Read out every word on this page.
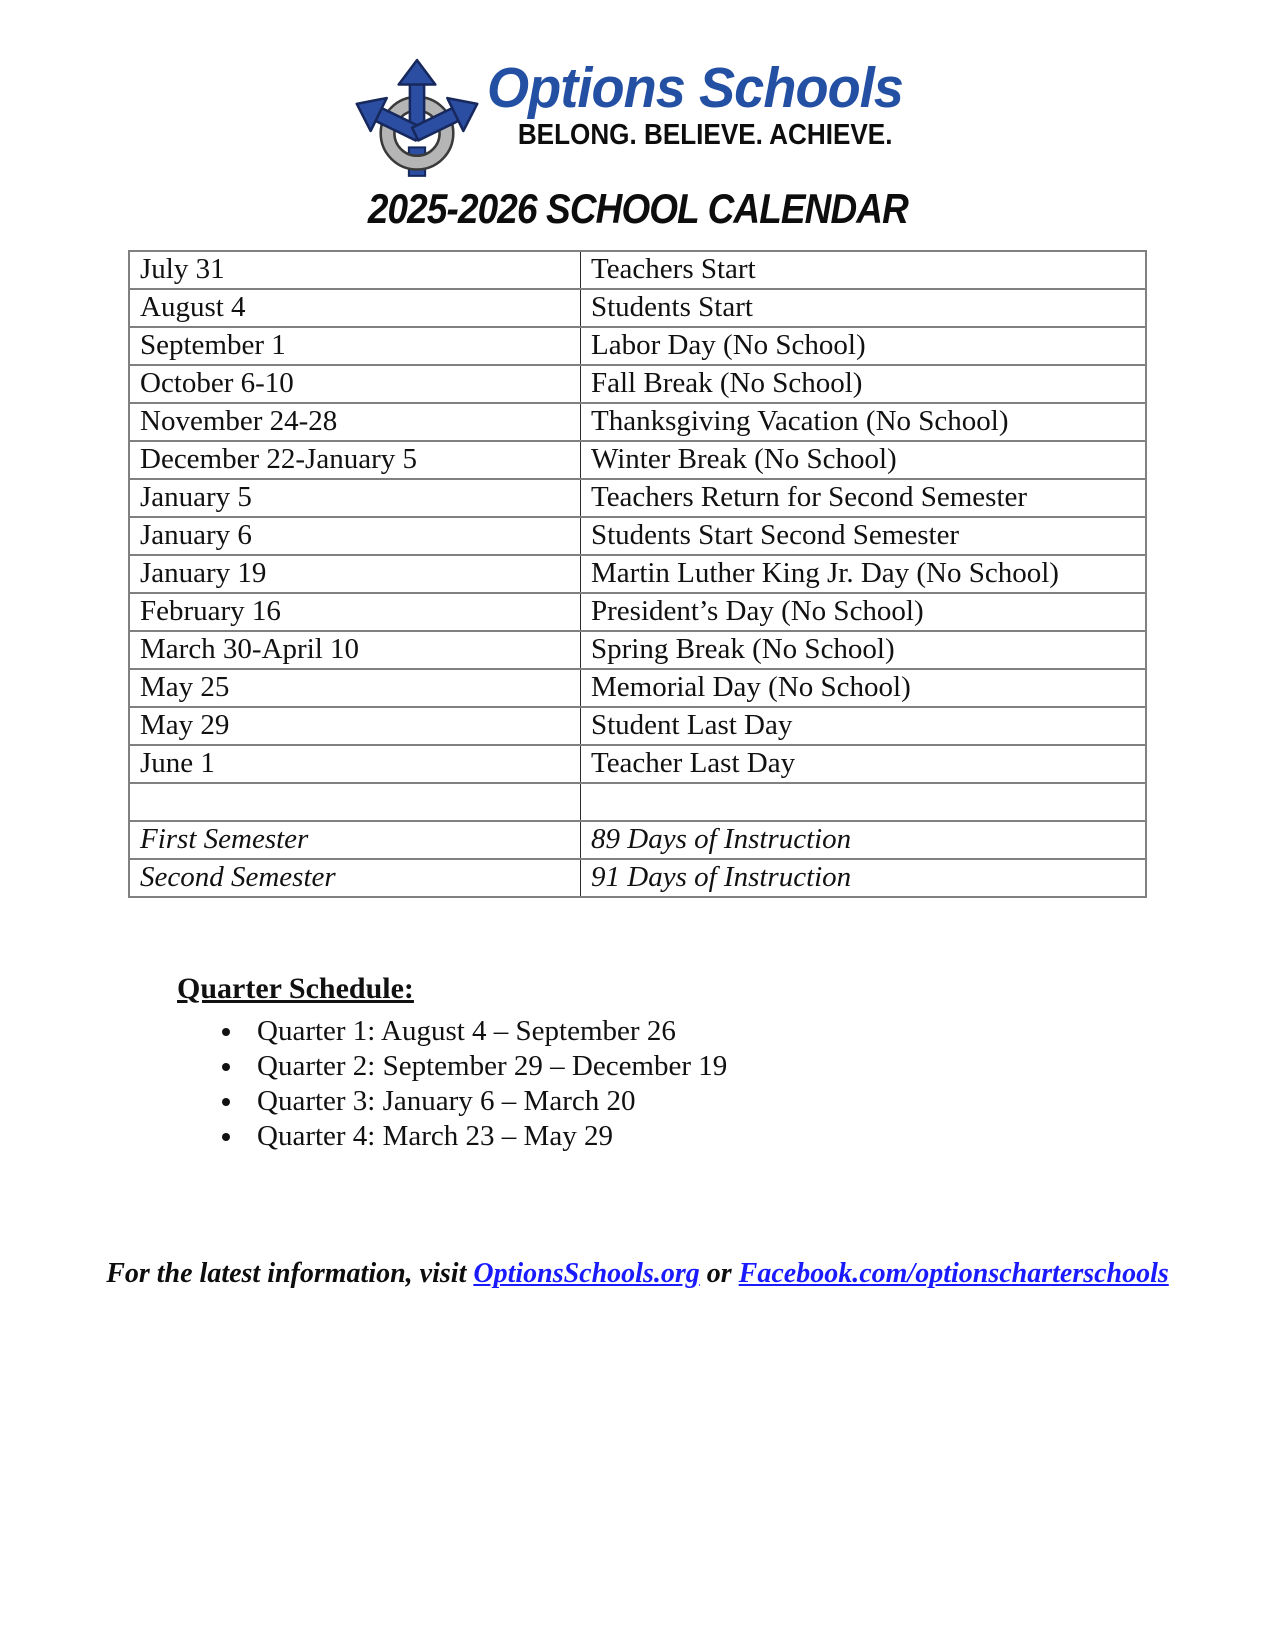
Options Schools
BELONG. BELIEVE. ACHIEVE.
2025-2026 SCHOOL CALENDAR
July 31	Teachers Start
August 4	Students Start
September 1	Labor Day (No School)
October 6-10	Fall Break (No School)
November 24-28	Thanksgiving Vacation (No School)
December 22-January 5	Winter Break (No School)
January 5	Teachers Return for Second Semester
January 6	Students Start Second Semester
January 19	Martin Luther King Jr. Day (No School)
February 16	President’s Day (No School)
March 30-April 10	Spring Break (No School)
May 25	Memorial Day (No School)
May 29	Student Last Day
June 1	Teacher Last Day

First Semester	89 Days of Instruction
Second Semester	91 Days of Instruction
Quarter Schedule:
• Quarter 1: August 4 – September 26
• Quarter 2: September 29 – December 19
• Quarter 3: January 6 – March 20
• Quarter 4: March 23 – May 29
For the latest information, visit OptionsSchools.org or Facebook.com/optionscharterschools
